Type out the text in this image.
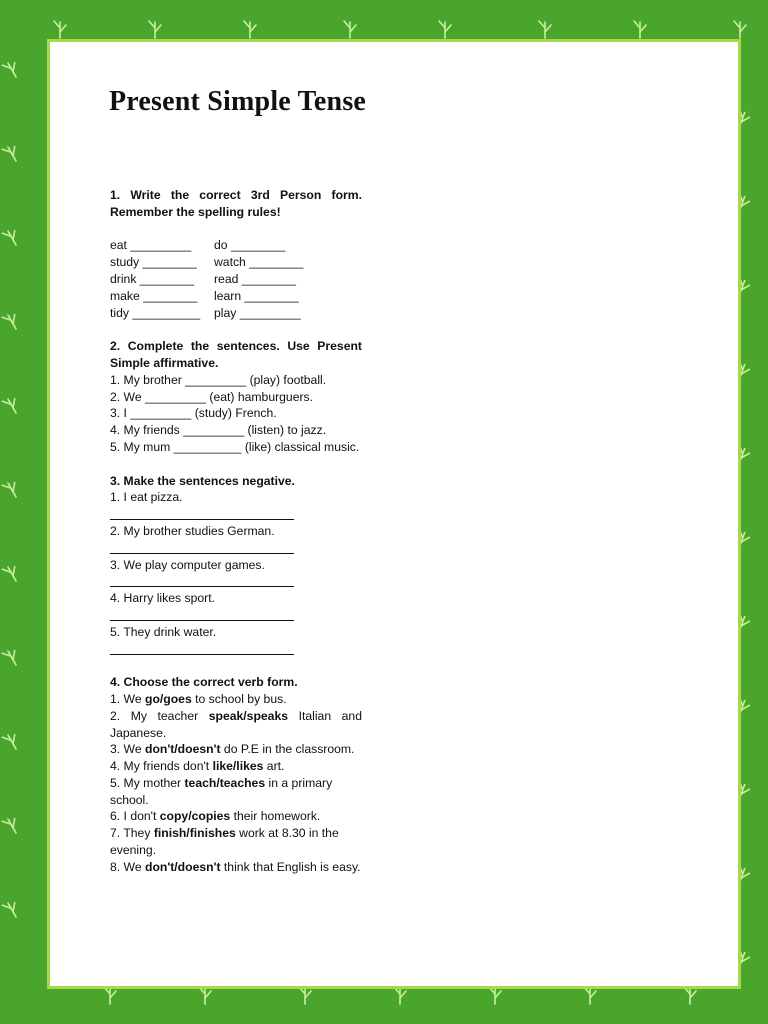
Present Simple Tense

1. Write the correct 3rd Person form. Remember the spelling rules!

eat _________	do ________
study ________	watch ________
drink ________	read ________
make ________	learn ________
tidy __________	play _________

2. Complete the sentences. Use Present Simple affirmative.

1. My brother _________ (play) football.

2. We _________ (eat) hamburguers.

3. I _________ (study) French.

4. My friends _________ (listen) to jazz.

5. My mum __________ (like) classical music.

3. Make the sentences negative.

1. I eat pizza.

2. My brother studies German.

3. We play computer games.

4. Harry likes sport.

5. They drink water.

4. Choose the correct verb form.

1. We go/goes to school by bus.

2. My teacher speak/speaks Italian and Japanese.

3. We don't/doesn't do P.E in the classroom.

4. My friends don't like/likes art.

5. My mother teach/teaches in a primary school.

6. I don't copy/copies their homework.

7. They finish/finishes work at 8.30 in the evening.

8. We don't/doesn't think that English is easy.
